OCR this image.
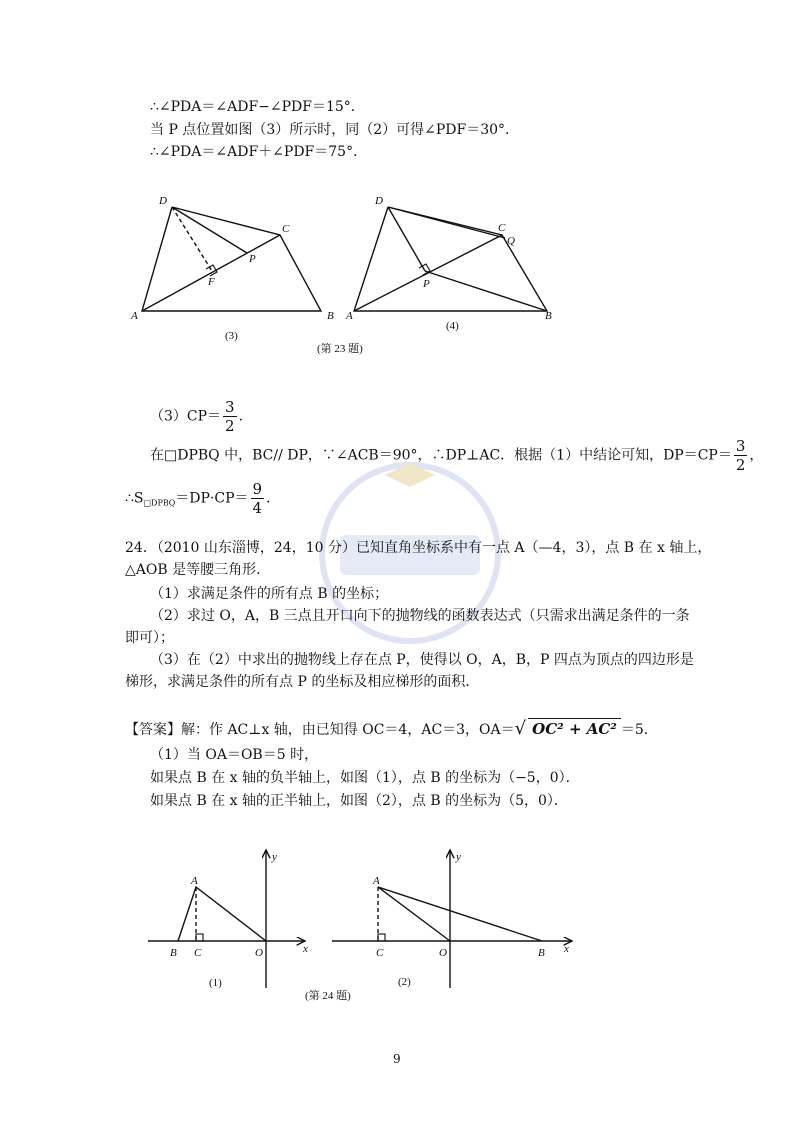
∴∠PDA＝∠ADF−∠PDF＝15°．
当 P 点位置如图（3）所示时，同（2）可得∠PDF＝30°．
∴∠PDA＝∠ADF＋∠PDF＝75°．
D
C
P
F
A	B
(3)
D
C
Q
P
A	B
(4)
(第 23 题)
$(3)CP= \frac{3}{2}$ ．
在□DPBQ 中，BC// DP，∵∠ACB＝90°，∴DP⊥AC．根据（1）中结论可知，$DP=CP= \frac{3}{2}$ ，
$\therefore S_{□DPBQ}=DP\cdot CP= \frac{9}{4}$ ．
24．（2010 山东淄博，24，10 分）已知直角坐标系中有一点 A（—4，3），点 B 在 x 轴上，
△AOB 是等腰三角形．
（1）求满足条件的所有点 B 的坐标；
（2）求过 O，A，B 三点且开口向下的抛物线的函数表达式（只需求出满足条件的一条
即可）；
（3）在（2）中求出的抛物线上存在点 P，使得以 O，A，B，P 四点为顶点的四边形是
梯形，求满足条件的所有点 P 的坐标及相应梯形的面积．
【答案】解：作 AC⊥x 轴，由已知得 OC＝4，AC＝3，OA＝√ OC² + AC² ＝5．
（1）当 OA＝OB＝5 时，
如果点 B 在 x 轴的负半轴上，如图（1），点 B 的坐标为（−5，0）．
如果点 B 在 x 轴的正半轴上，如图（2），点 B 的坐标为（5，0）．
A
B C	O	x
y
(1)
A
C	O	B x
y
(2)
(第 24 题)
9
